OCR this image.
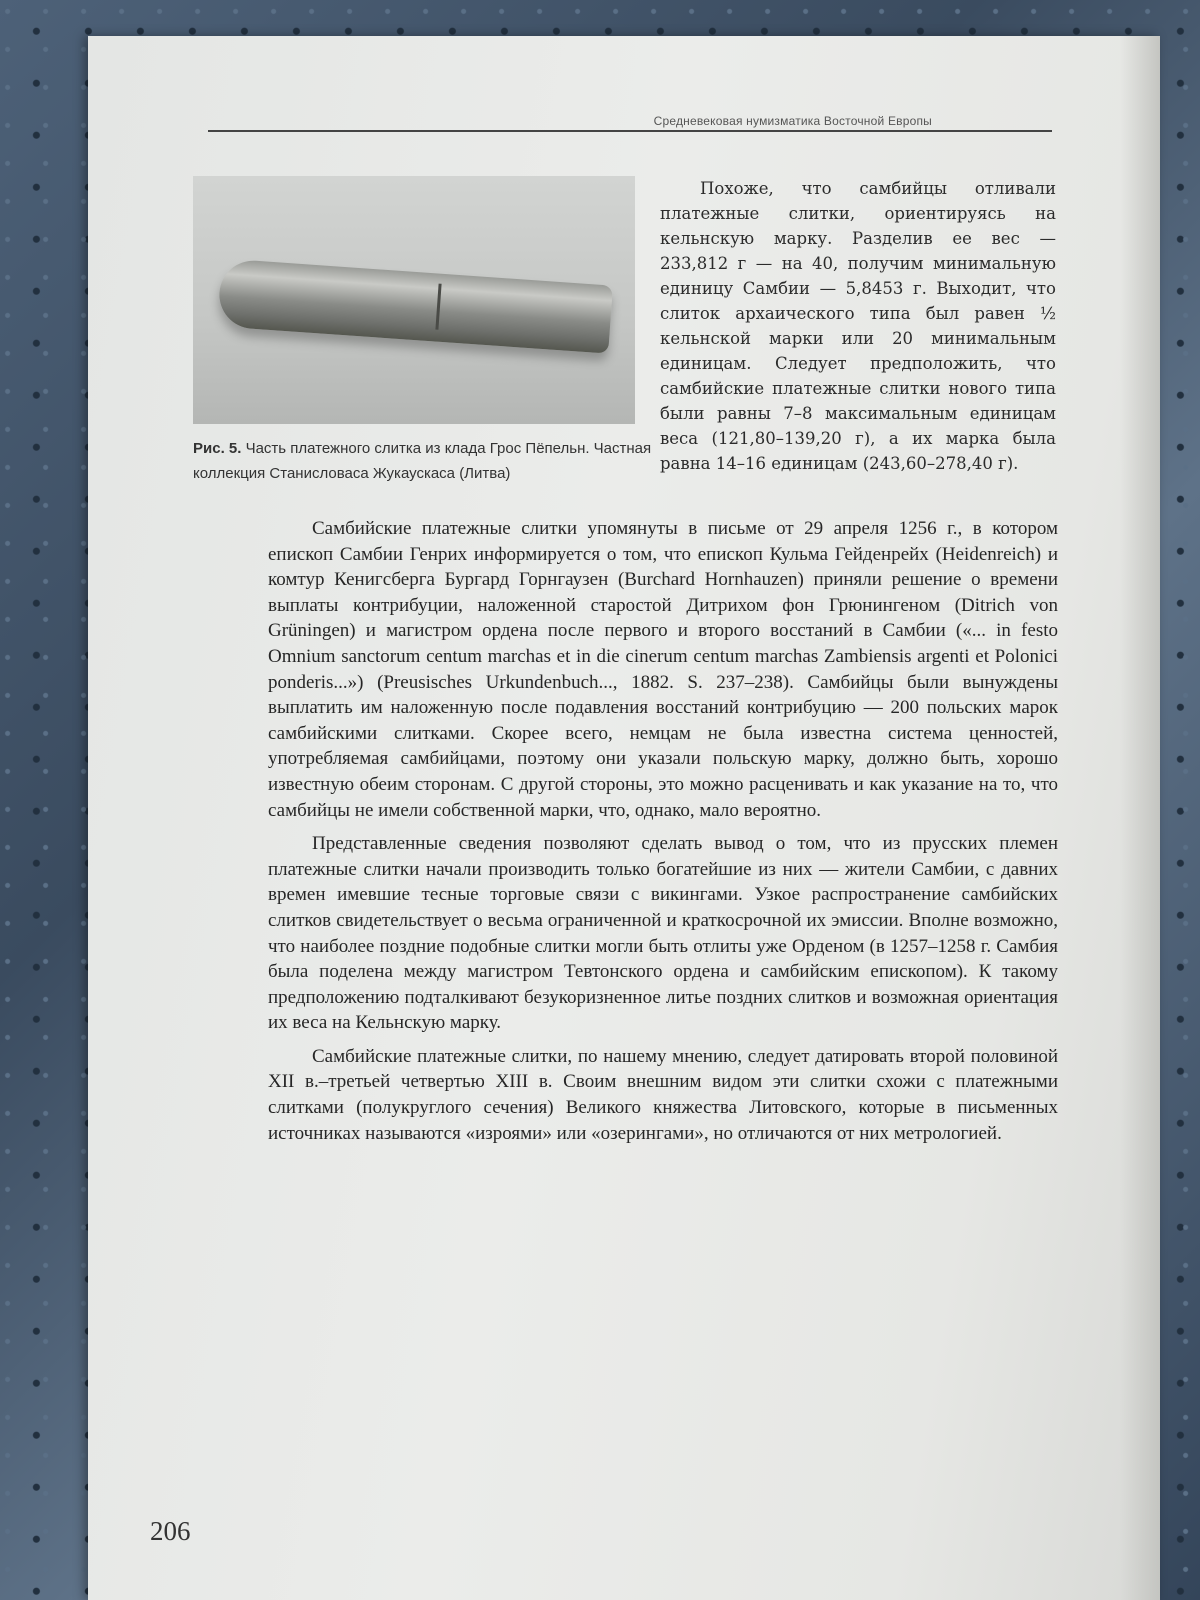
Средневековая нумизматика Восточной Европы
Рис. 5. Часть платежного слитка из клада Грос Пёпельн. Частная коллекция Станисловаса Жукаускаса (Литва)

Похоже, что самбийцы отливали платежные слитки, ориентируясь на кельнскую марку. Разделив ее вес — 233,812 г — на 40, получим минимальную единицу Самбии — 5,8453 г. Выходит, что слиток архаического типа был равен ½ кельнской марки или 20 минимальным единицам. Следует предположить, что самбийские платежные слитки нового типа были равны 7–8 максимальным единицам веса (121,80–139,20 г), а их марка была равна 14–16 единицам (243,60–278,40 г).

Самбийские платежные слитки упомянуты в письме от 29 апреля 1256 г., в котором епископ Самбии Генрих информируется о том, что епископ Кульма Гейденрейх (Heidenreich) и комтур Кенигсберга Бургард Горнгаузен (Burchard Hornhauzen) приняли решение о времени выплаты контрибуции, наложенной старостой Дитрихом фон Грюнингеном (Ditrich von Grüningen) и магистром ордена после первого и второго восстаний в Самбии («... in festo Omnium sanctorum centum marchas et in die cinerum centum marchas Zambiensis argenti et Polonici ponderis...») (Preusisches Urkundenbuch..., 1882. S. 237–238). Самбийцы были вынуждены выплатить им наложенную после подавления восстаний контрибуцию — 200 польских марок самбийскими слитками. Скорее всего, немцам не была известна система ценностей, употребляемая самбийцами, поэтому они указали польскую марку, должно быть, хорошо известную обеим сторонам. С другой стороны, это можно расценивать и как указание на то, что самбийцы не имели собственной марки, что, однако, мало вероятно.

Представленные сведения позволяют сделать вывод о том, что из прусских племен платежные слитки начали производить только богатейшие из них — жители Самбии, с давних времен имевшие тесные торговые связи с викингами. Узкое распространение самбийских слитков свидетельствует о весьма ограниченной и краткосрочной их эмиссии. Вполне возможно, что наиболее поздние подобные слитки могли быть отлиты уже Орденом (в 1257–1258 г. Самбия была поделена между магистром Тевтонского ордена и самбийским епископом). К такому предположению подталкивают безукоризненное литье поздних слитков и возможная ориентация их веса на Кельнскую марку.

Самбийские платежные слитки, по нашему мнению, следует датировать второй половиной XII в.–третьей четвертью XIII в. Своим внешним видом эти слитки схожи с платежными слитками (полукруглого сечения) Великого княжества Литовского, которые в письменных источниках называются «изроями» или «озерингами», но отличаются от них метрологией.

206
